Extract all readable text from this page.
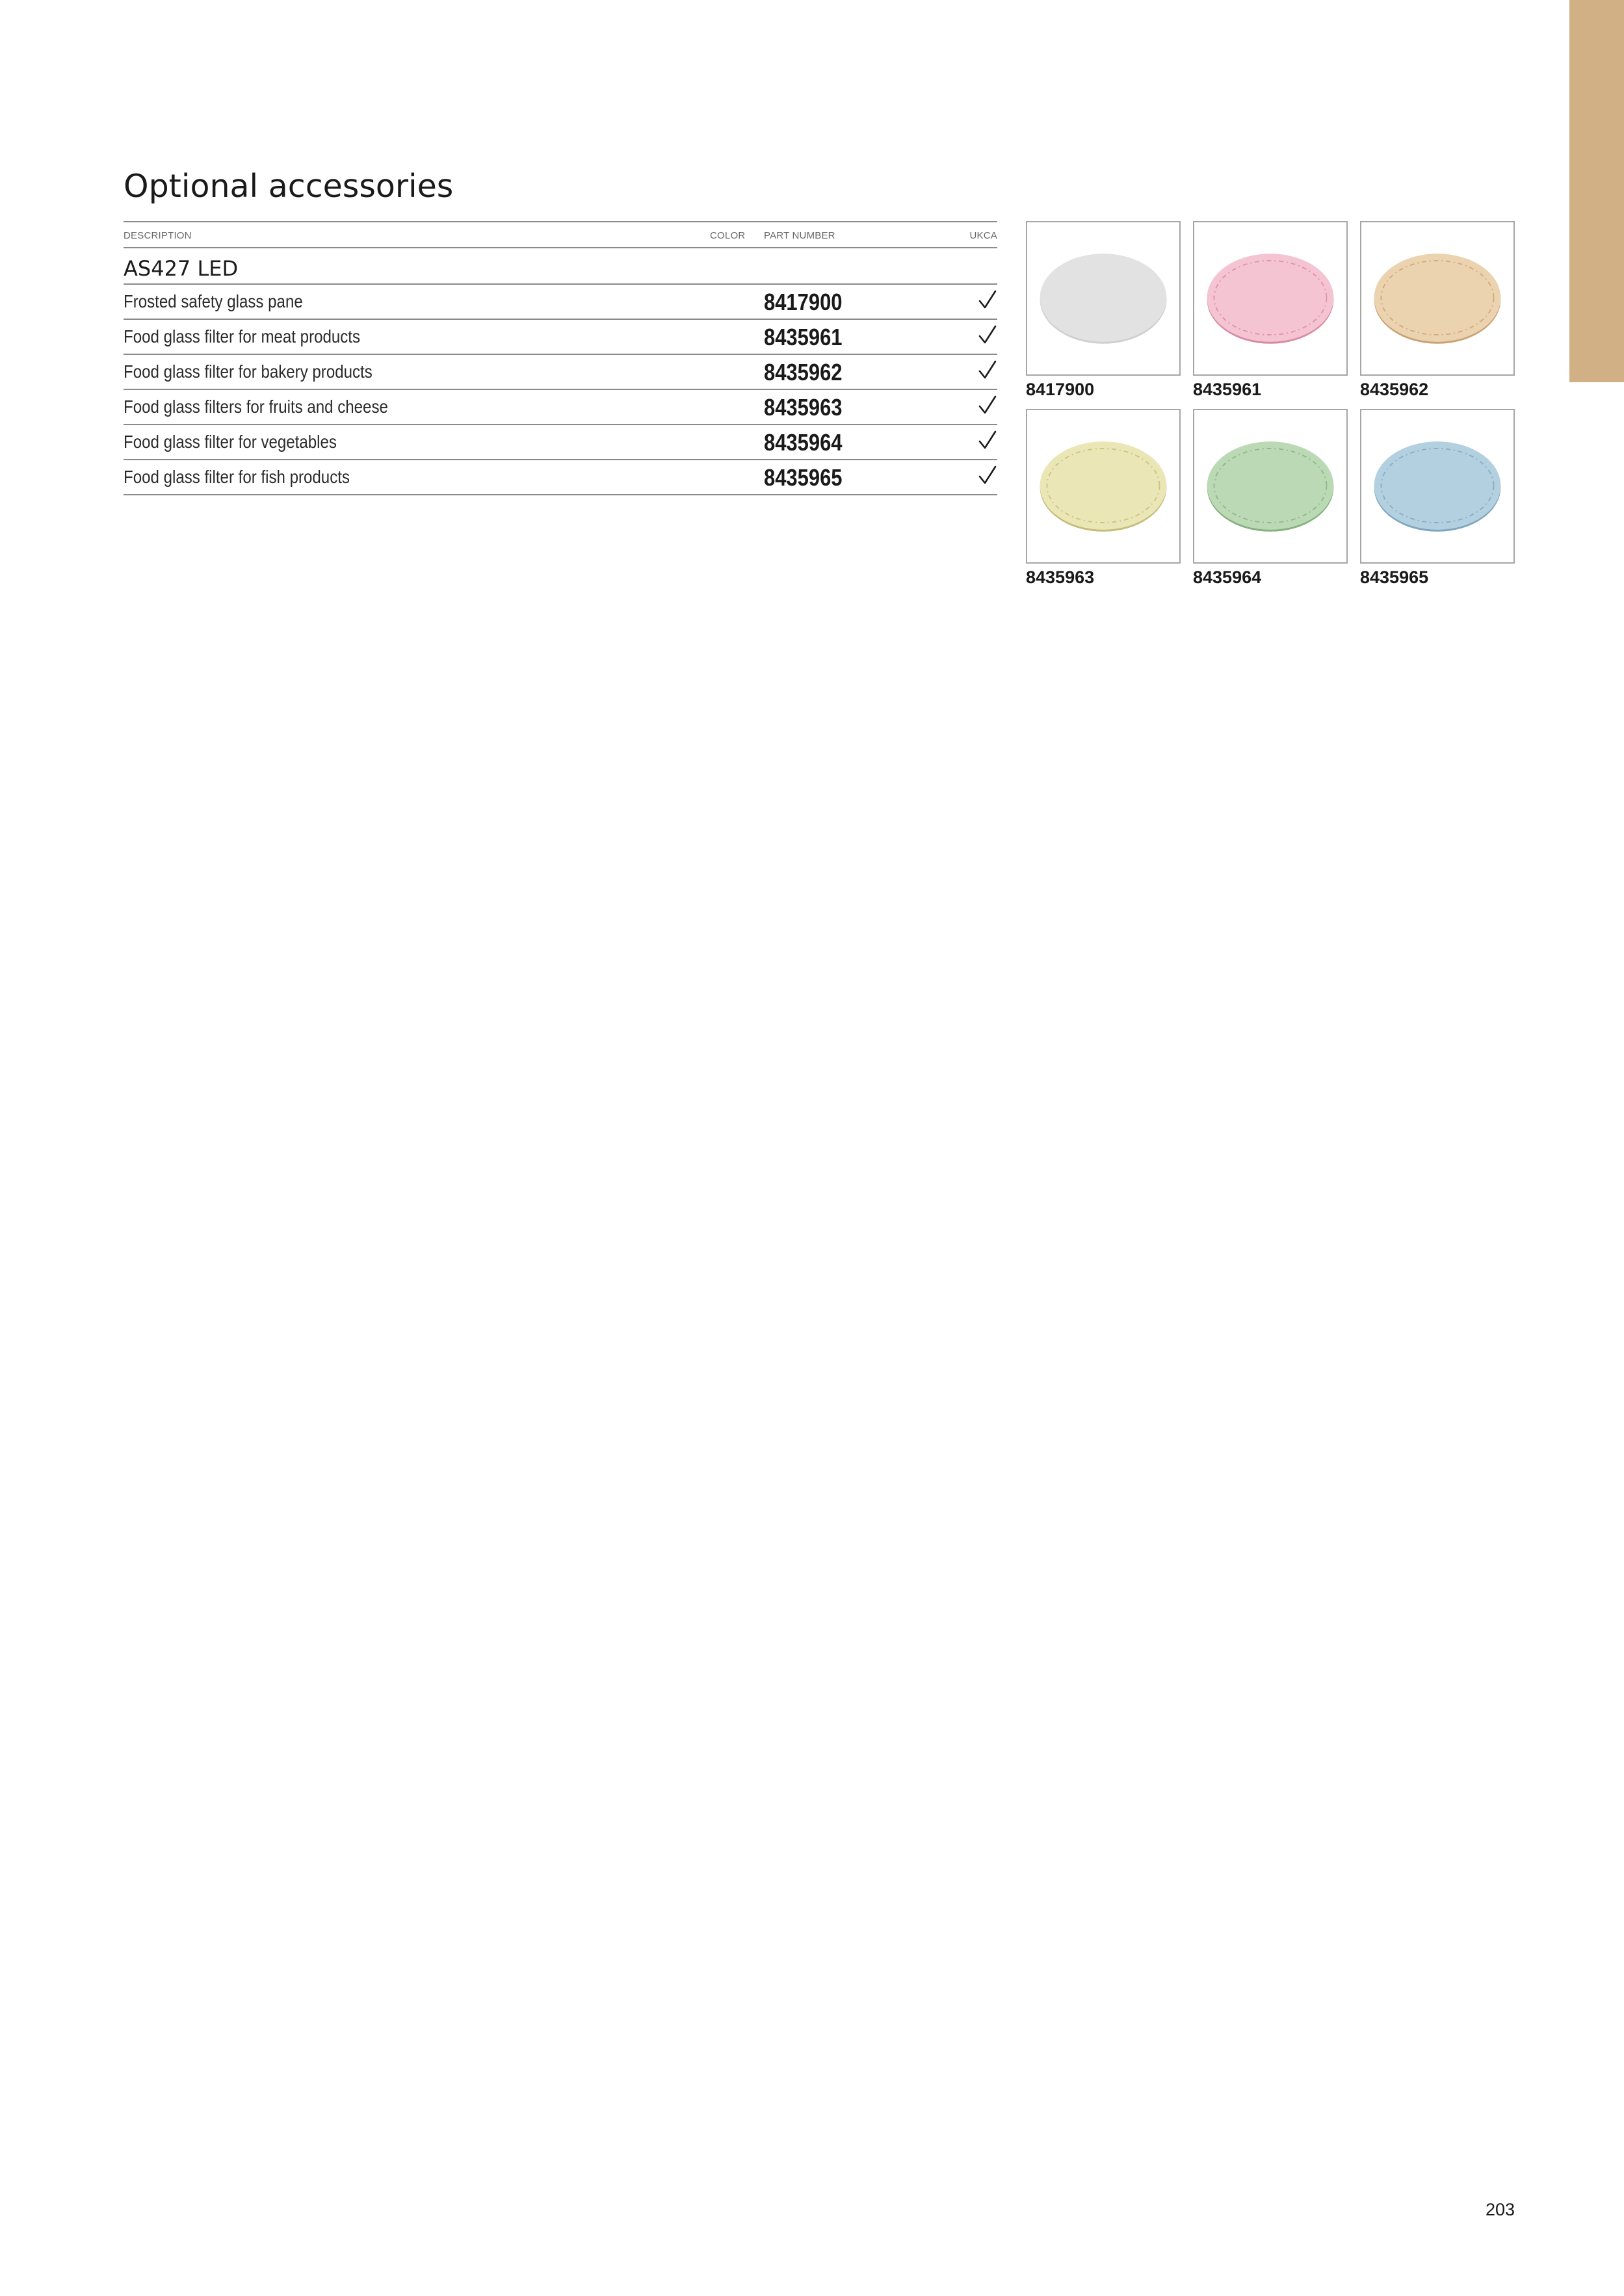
Optional accessories
DESCRIPTION	COLOR PART NUMBER	UKCA
AS427 LED
Frosted safety glass pane	8417900
Food glass filter for meat products	8435961
Food glass filter for bakery products	8435962
Food glass filters for fruits and cheese	8435963
Food glass filter for vegetables	8435964
Food glass filter for fish products	8435965
8417900	8435961	8435962
8435963	8435964	8435965
203
